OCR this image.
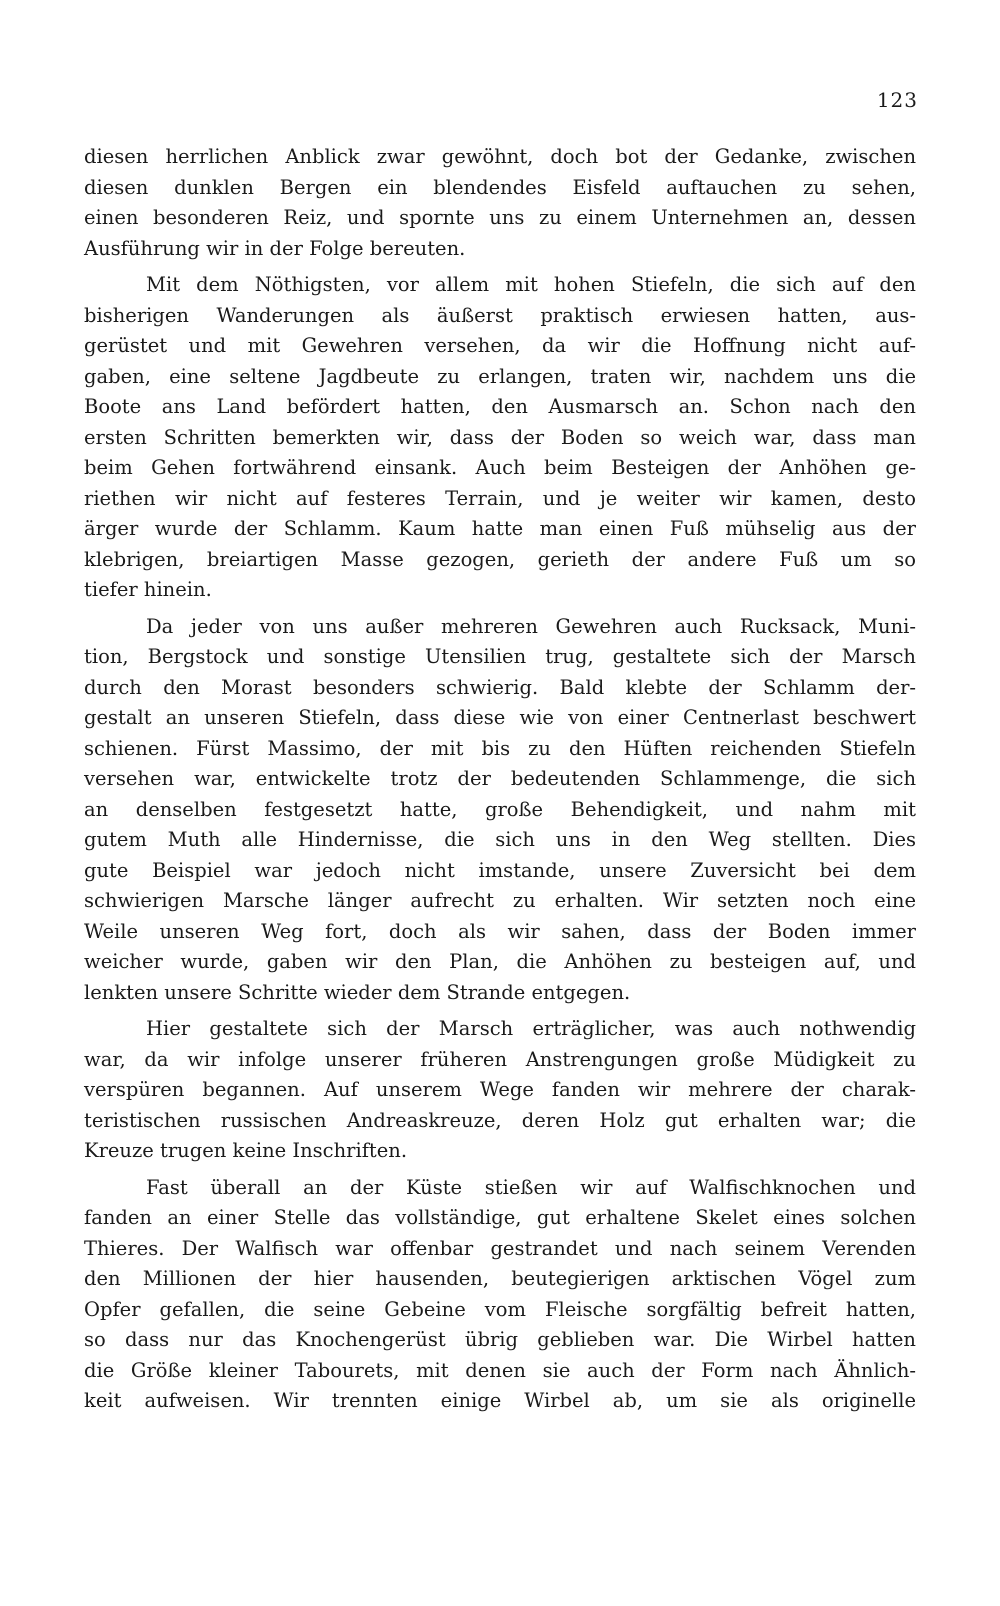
123
diesen herrlichen Anblick zwar gewöhnt, doch bot der Gedanke, zwischen
diesen dunklen Bergen ein blendendes Eisfeld auftauchen zu sehen,
einen besonderen Reiz, und spornte uns zu einem Unternehmen an, dessen
Ausführung wir in der Folge bereuten.
Mit dem Nöthigsten, vor allem mit hohen Stiefeln, die sich auf den
bisherigen Wanderungen als äußerst praktisch erwiesen hatten, aus-
gerüstet und mit Gewehren versehen, da wir die Hoffnung nicht auf-
gaben, eine seltene Jagdbeute zu erlangen, traten wir, nachdem uns die
Boote ans Land befördert hatten, den Ausmarsch an. Schon nach den
ersten Schritten bemerkten wir, dass der Boden so weich war, dass man
beim Gehen fortwährend einsank. Auch beim Besteigen der Anhöhen ge-
riethen wir nicht auf festeres Terrain, und je weiter wir kamen, desto
ärger wurde der Schlamm. Kaum hatte man einen Fuß mühselig aus der
klebrigen, breiartigen Masse gezogen, gerieth der andere Fuß um so
tiefer hinein.
Da jeder von uns außer mehreren Gewehren auch Rucksack, Muni-
tion, Bergstock und sonstige Utensilien trug, gestaltete sich der Marsch
durch den Morast besonders schwierig. Bald klebte der Schlamm der-
gestalt an unseren Stiefeln, dass diese wie von einer Centnerlast beschwert
schienen. Fürst Massimo, der mit bis zu den Hüften reichenden Stiefeln
versehen war, entwickelte trotz der bedeutenden Schlammenge, die sich
an denselben festgesetzt hatte, große Behendigkeit, und nahm mit
gutem Muth alle Hindernisse, die sich uns in den Weg stellten. Dies
gute Beispiel war jedoch nicht imstande, unsere Zuversicht bei dem
schwierigen Marsche länger aufrecht zu erhalten. Wir setzten noch eine
Weile unseren Weg fort, doch als wir sahen, dass der Boden immer
weicher wurde, gaben wir den Plan, die Anhöhen zu besteigen auf, und
lenkten unsere Schritte wieder dem Strande entgegen.
Hier gestaltete sich der Marsch erträglicher, was auch nothwendig
war, da wir infolge unserer früheren Anstrengungen große Müdigkeit zu
verspüren begannen. Auf unserem Wege fanden wir mehrere der charak-
teristischen russischen Andreaskreuze, deren Holz gut erhalten war; die
Kreuze trugen keine Inschriften.
Fast überall an der Küste stießen wir auf Walfischknochen und
fanden an einer Stelle das vollständige, gut erhaltene Skelet eines solchen
Thieres. Der Walfisch war offenbar gestrandet und nach seinem Verenden
den Millionen der hier hausenden, beutegierigen arktischen Vögel zum
Opfer gefallen, die seine Gebeine vom Fleische sorgfältig befreit hatten,
so dass nur das Knochengerüst übrig geblieben war. Die Wirbel hatten
die Größe kleiner Tabourets, mit denen sie auch der Form nach Ähnlich-
keit aufweisen. Wir trennten einige Wirbel ab, um sie als originelle
